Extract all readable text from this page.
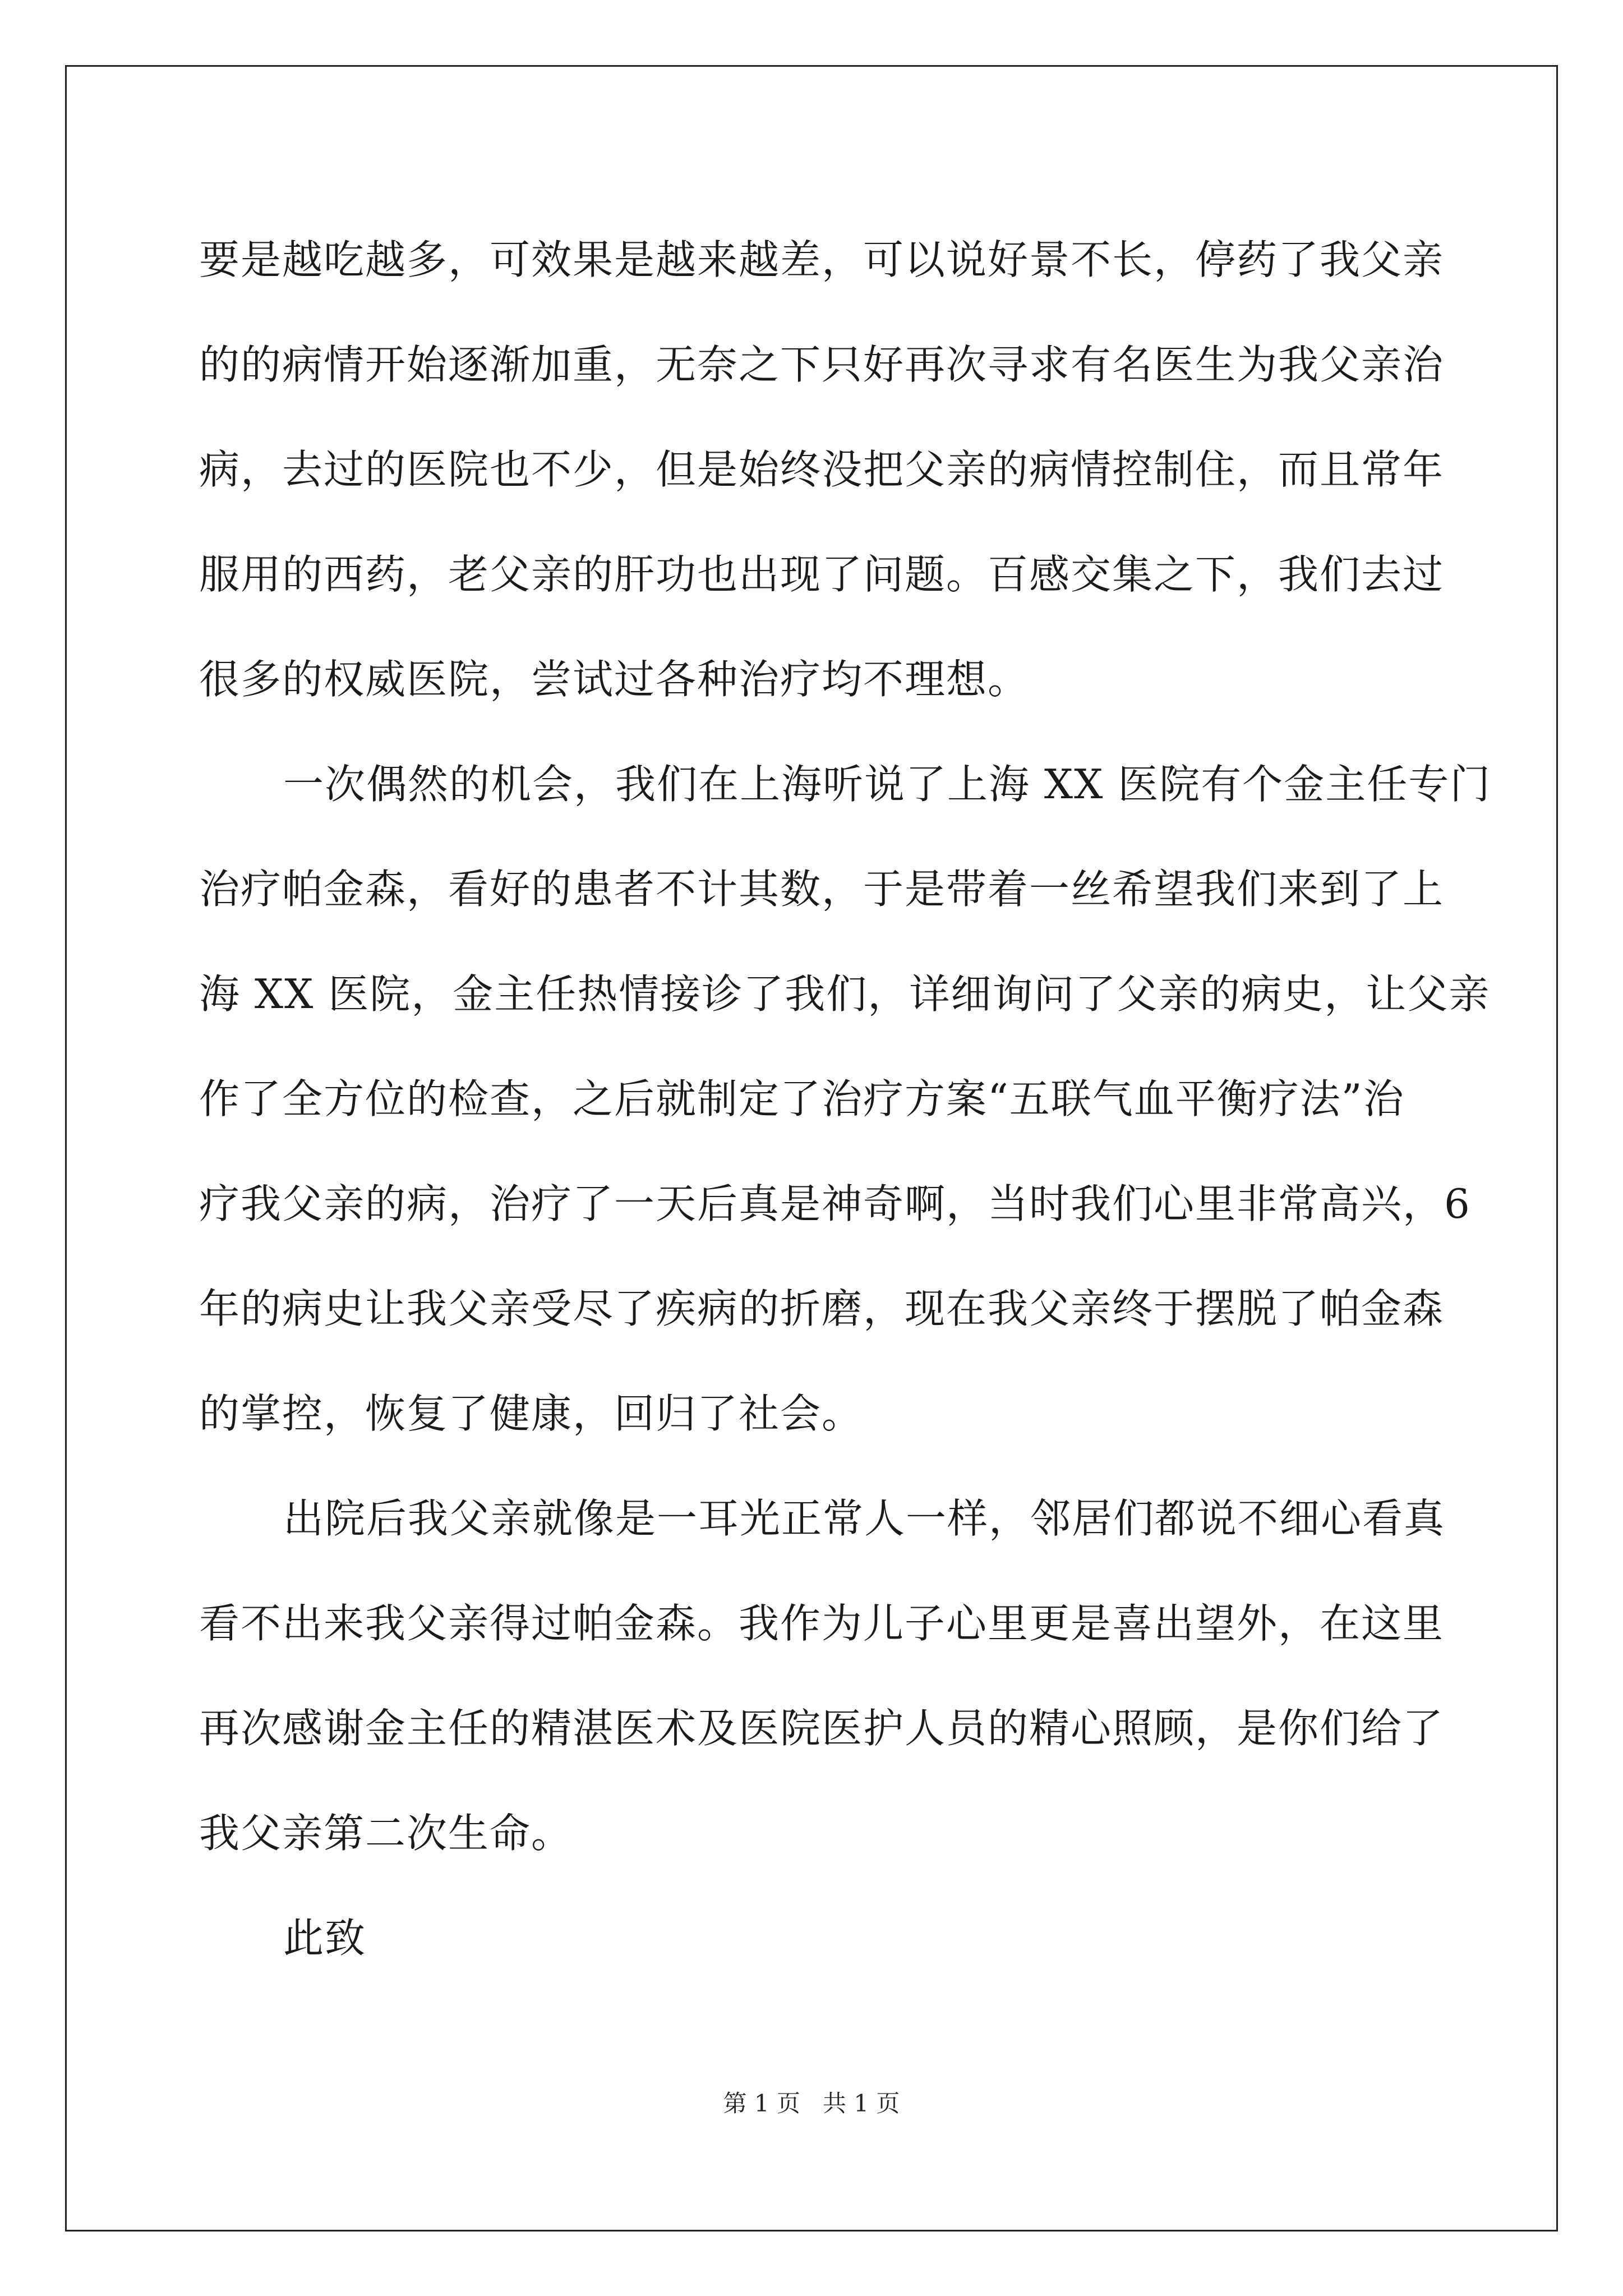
要是越吃越多，可效果是越来越差，可以说好景不长，停药了我父亲
的的病情开始逐渐加重，无奈之下只好再次寻求有名医生为我父亲治
病，去过的医院也不少，但是始终没把父亲的病情控制住，而且常年
服用的西药，老父亲的肝功也出现了问题。百感交集之下，我们去过
很多的权威医院，尝试过各种治疗均不理想。
一次偶然的机会，我们在上海听说了上海 XX 医院有个金主任专门
治疗帕金森，看好的患者不计其数，于是带着一丝希望我们来到了上
海 XX 医院，金主任热情接诊了我们，详细询问了父亲的病史，让父亲
作了全方位的检查，之后就制定了治疗方案“五联气血平衡疗法”治
疗我父亲的病，治疗了一天后真是神奇啊，当时我们心里非常高兴，6
年的病史让我父亲受尽了疾病的折磨，现在我父亲终于摆脱了帕金森
的掌控，恢复了健康，回归了社会。
出院后我父亲就像是一耳光正常人一样，邻居们都说不细心看真
看不出来我父亲得过帕金森。我作为儿子心里更是喜出望外，在这里
再次感谢金主任的精湛医术及医院医护人员的精心照顾，是你们给了
我父亲第二次生命。
此致
第 1 页 共 1 页
